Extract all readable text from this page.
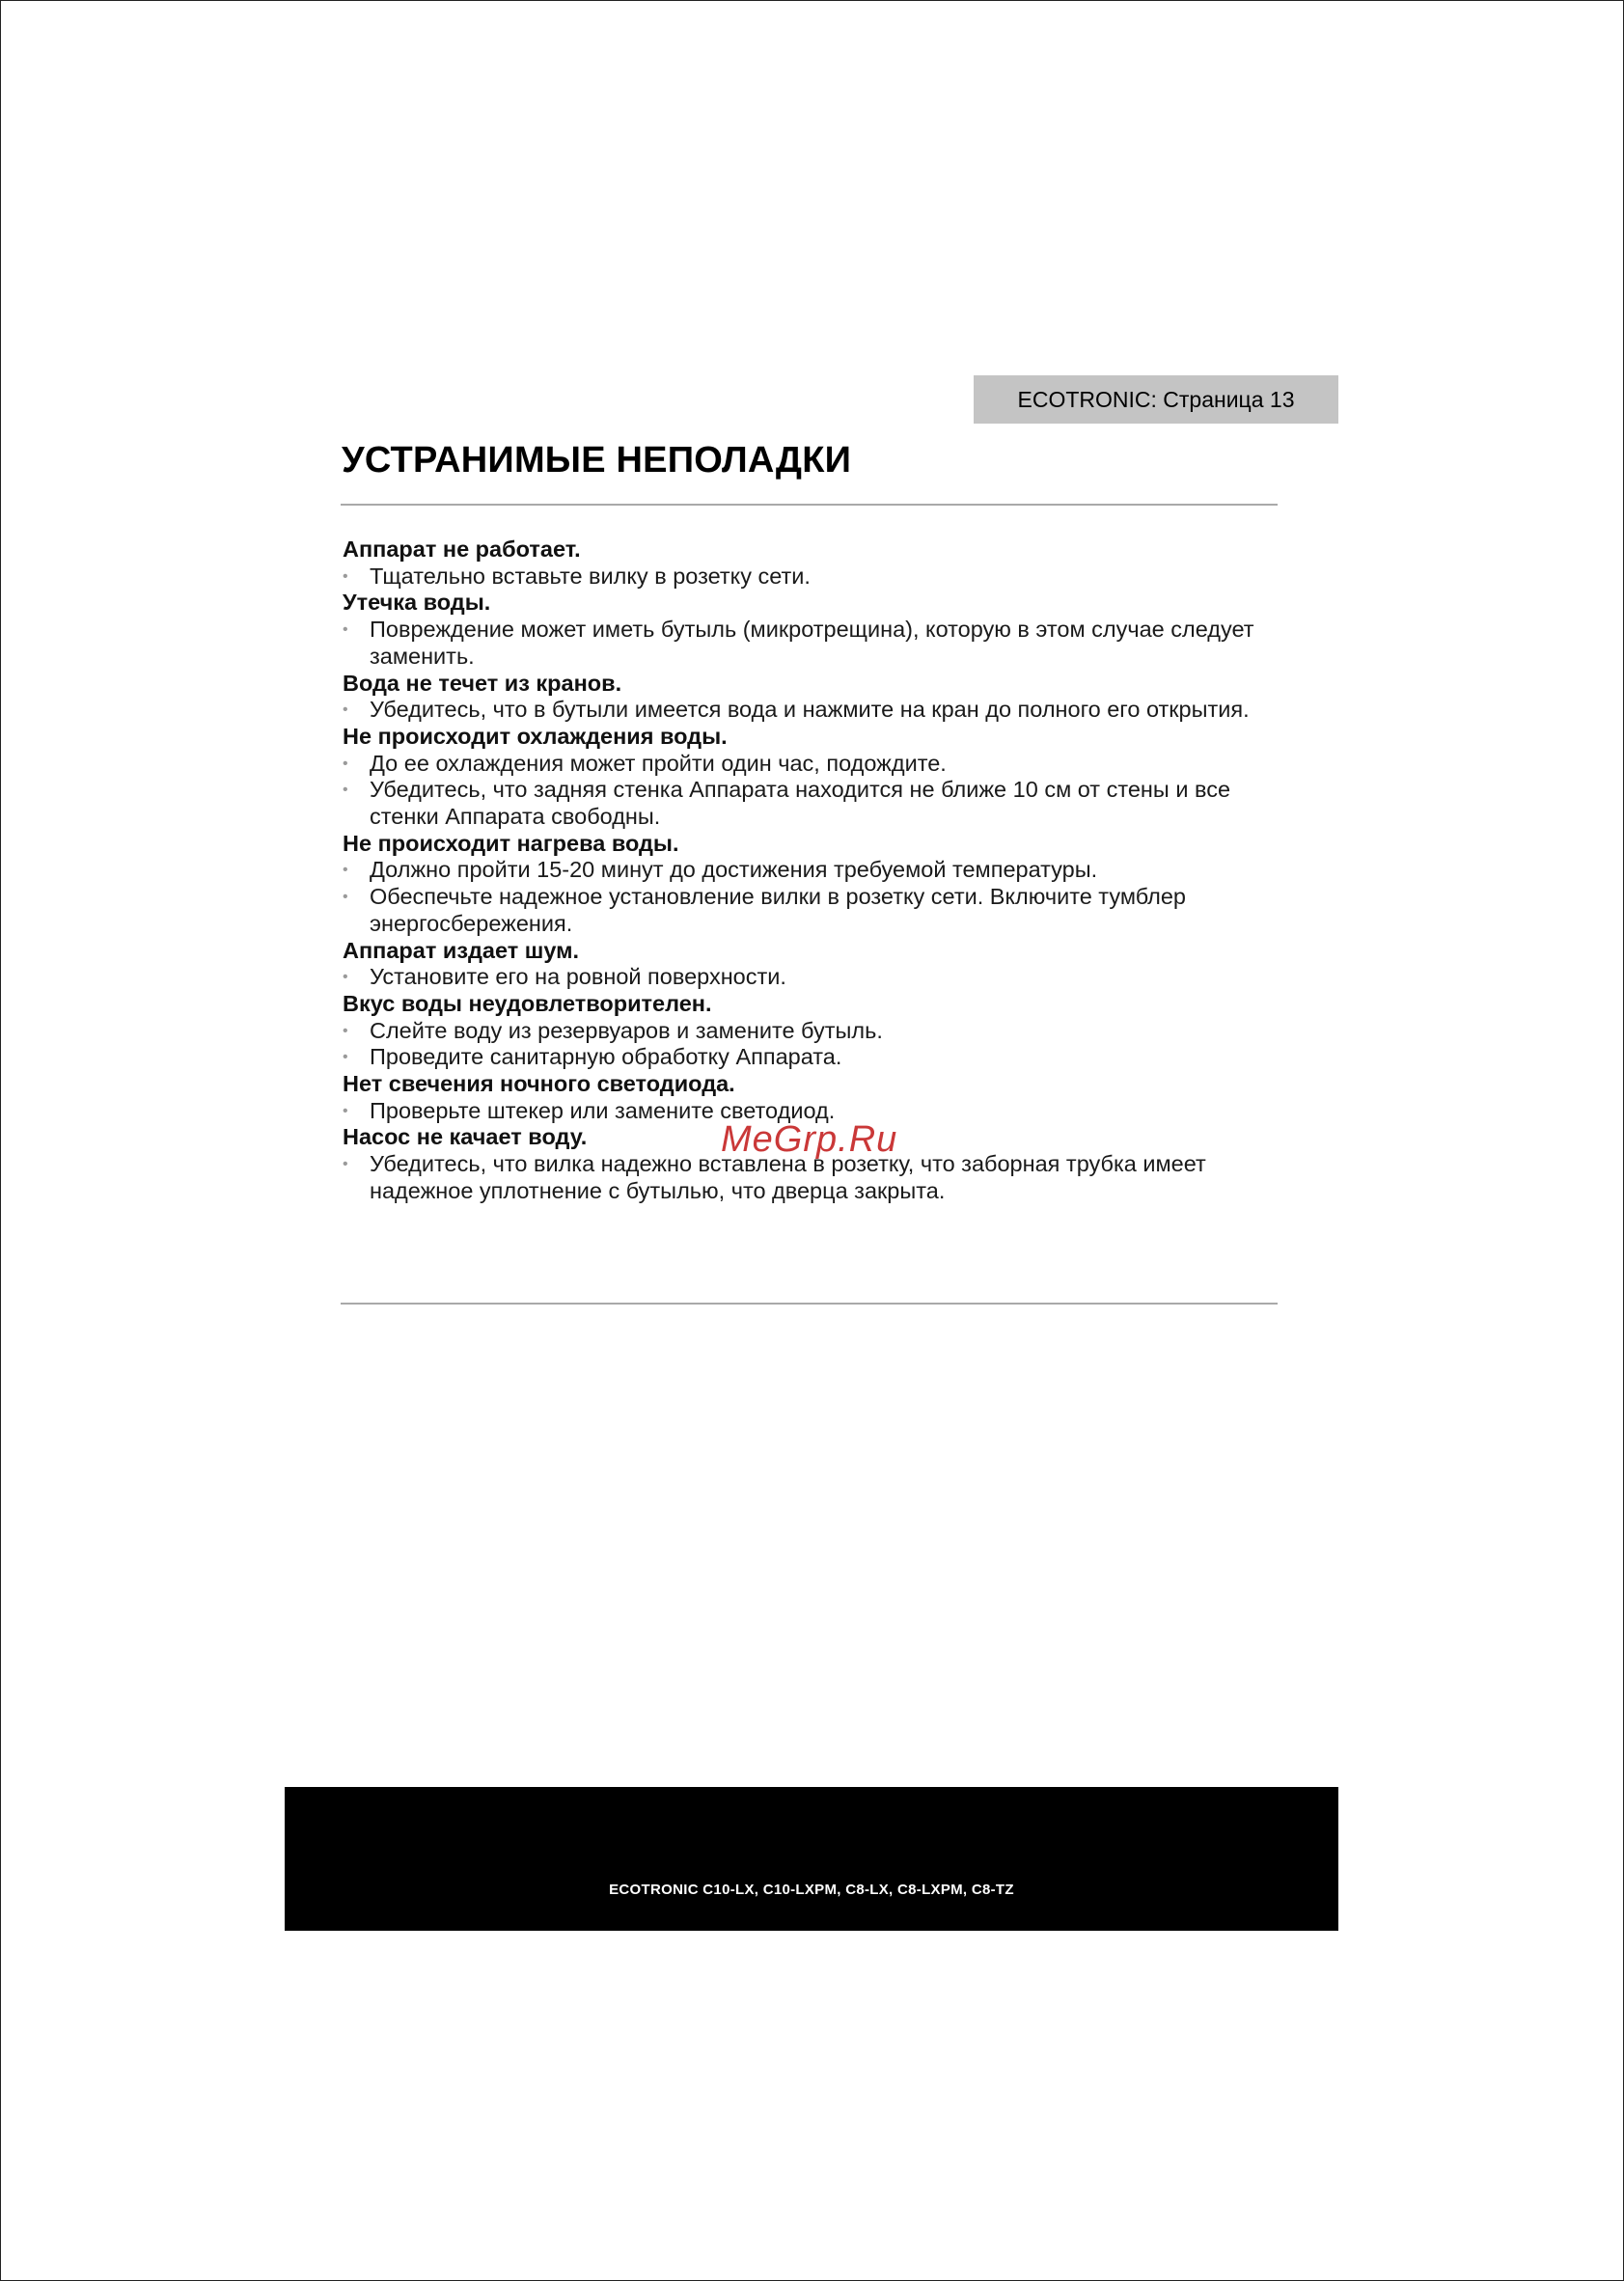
ECOTRONIC: Страница 13
УСТРАНИМЫЕ НЕПОЛАДКИ
Аппарат не работает.
• Тщательно вставьте вилку в розетку сети.
Утечка воды.
• Повреждение может иметь бутыль (микротрещина), которую в этом случае следует заменить.
Вода не течет из кранов.
• Убедитесь, что в бутыли имеется вода и нажмите на кран до полного его открытия.
Не происходит охлаждения воды.
• До ее охлаждения может пройти один час, подождите.
• Убедитесь, что задняя стенка Аппарата находится не ближе 10 см от стены и все стенки Аппарата свободны.
Не происходит нагрева воды.
• Должно пройти 15-20 минут до достижения требуемой температуры.
• Обеспечьте надежное установление вилки в розетку сети. Включите тумблер энергосбережения.
Аппарат издает шум.
• Установите его на ровной поверхности.
Вкус воды неудовлетворителен.
• Слейте воду из резервуаров и замените бутыль.
• Проведите санитарную обработку Аппарата.
Нет свечения ночного светодиода.
• Проверьте штекер или замените светодиод.
Насос не качает воду.
• Убедитесь, что вилка надежно вставлена в розетку, что заборная трубка имеет надежное уплотнение с бутылью, что дверца закрыта.
MeGrp.Ru
ECOTRONIC C10-LX, C10-LXPM, C8-LX, C8-LXPM, C8-TZ
